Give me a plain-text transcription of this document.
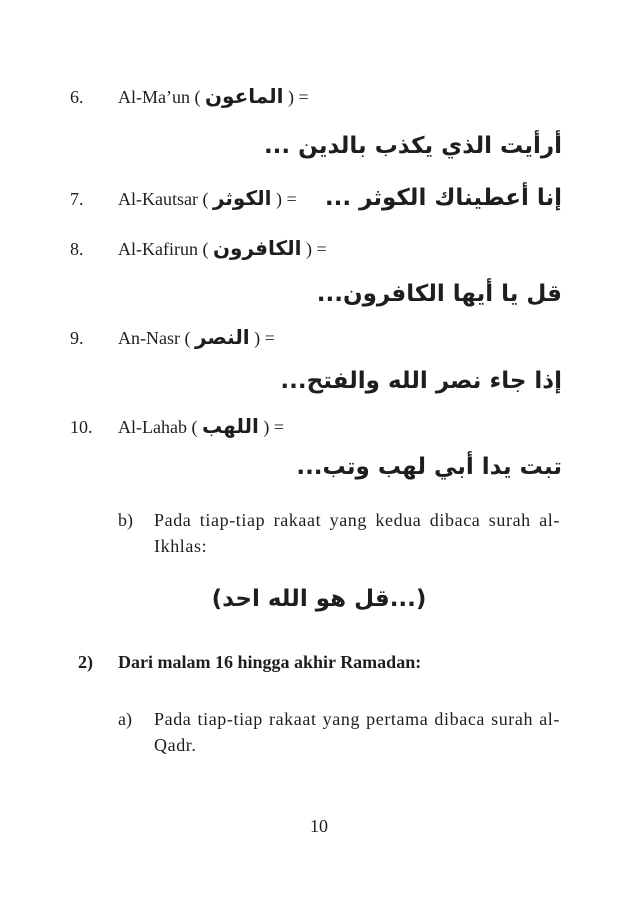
6. Al-Ma’un ( الماعون ) =
أرأيت الذي يكذب بالدين ...
7. Al-Kautsar ( الكوثر ) = إنا أعطيناك الكوثر ...
8. Al-Kafirun ( الكافرون ) =
قل يا أيها الكافرون...
9. An-Nasr ( النصر ) =
إذا جاء نصر الله والفتح...
10. Al-Lahab ( اللهب ) =
تبت يدا أبي لهب وتب...
b) Pada tiap-tiap rakaat yang kedua dibaca surah al-Ikhlas:
(قل هو الله احد...)
2) Dari malam 16 hingga akhir Ramadan:
a) Pada tiap-tiap rakaat yang pertama dibaca surah al-Qadr.
10
